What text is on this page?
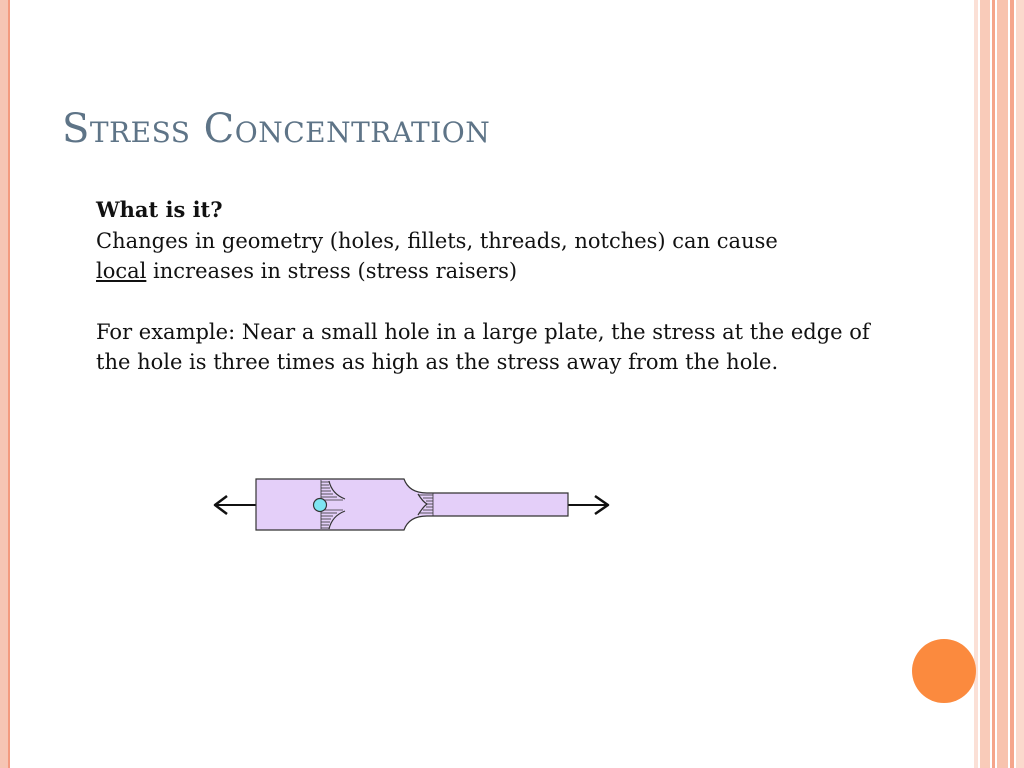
Stress Concentration
What is it?
Changes in geometry (holes, fillets, threads, notches) can cause
local increases in stress (stress raisers)
For example: Near a small hole in a large plate, the stress at the edge of the hole is three times as high as the stress away from the hole.
